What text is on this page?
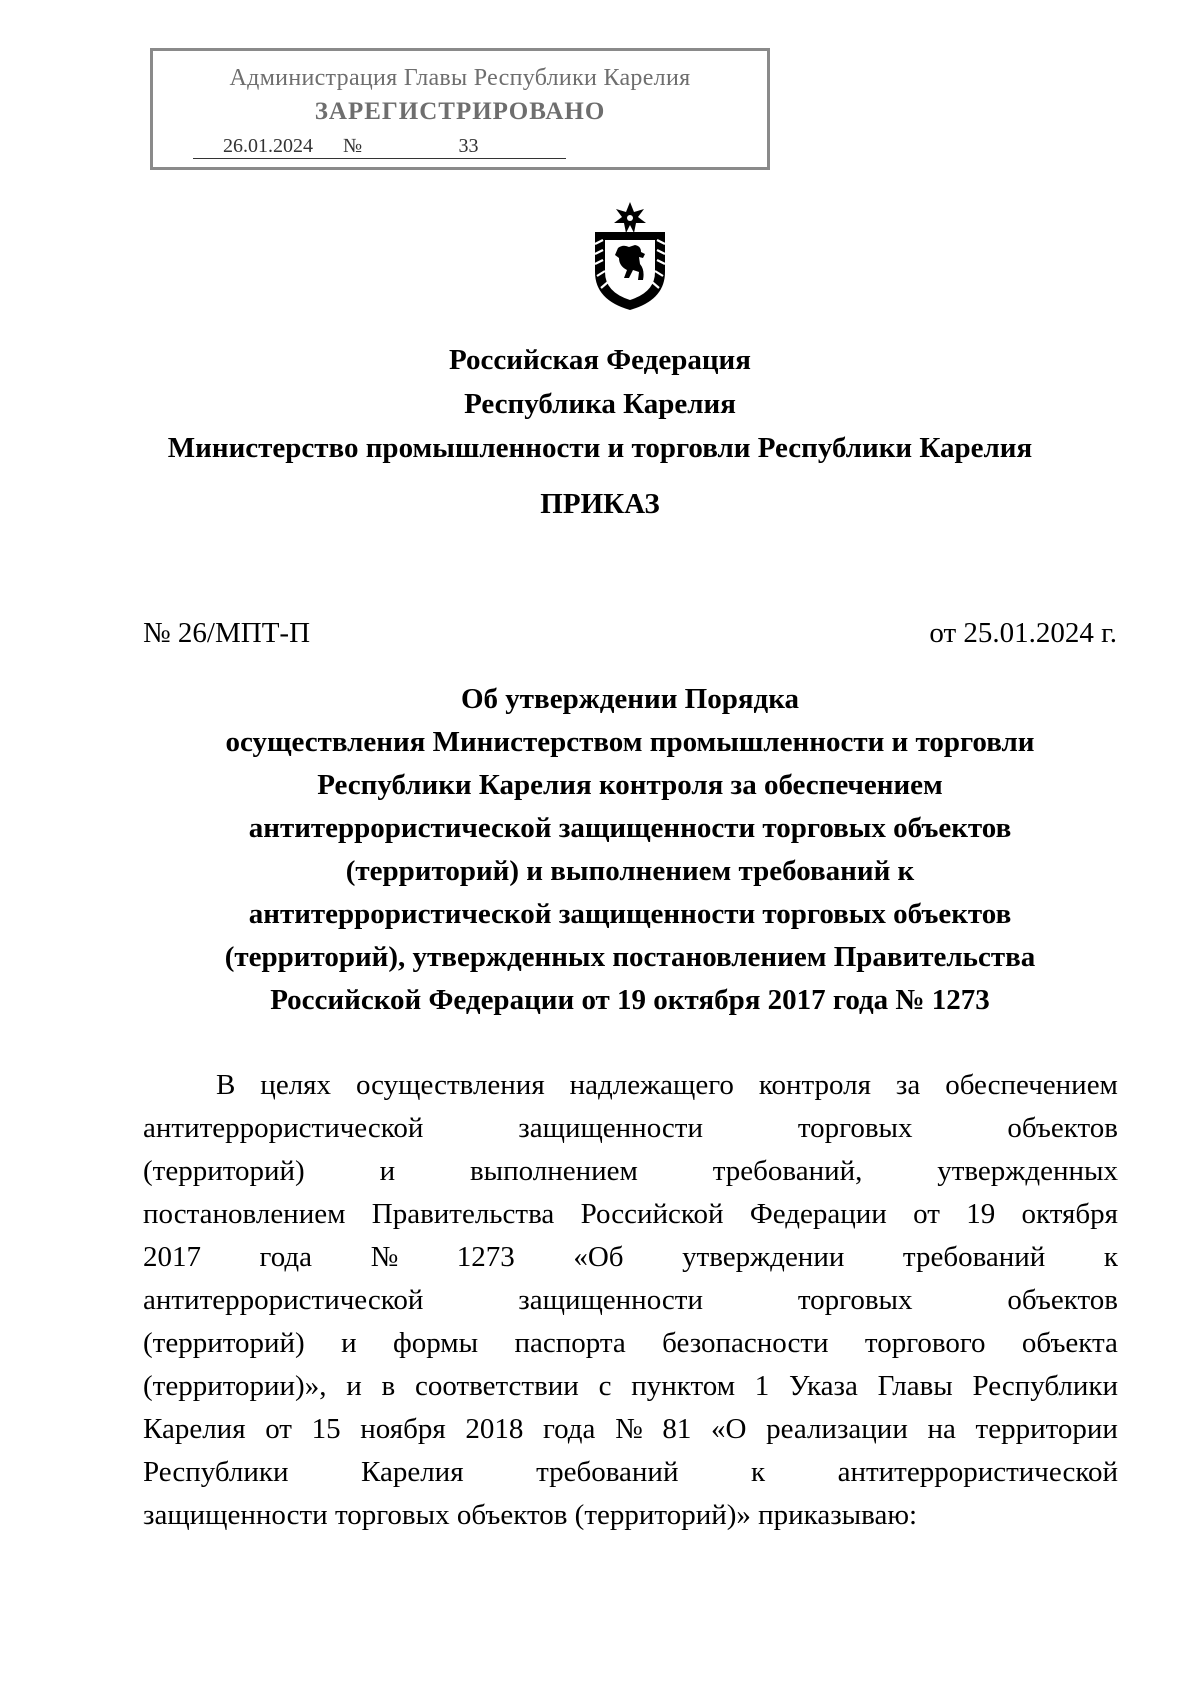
Администрация Главы Республики Карелия
ЗАРЕГИСТРИРОВАНО
26.01.2024 №	33
Российская Федерация
Республика Карелия
Министерство промышленности и торговли Республики Карелия
ПРИКАЗ
№ 26/МПТ-П	от 25.01.2024 г.
Об утверждении Порядка
осуществления Министерством промышленности и торговли
Республики Карелия контроля за обеспечением
антитеррористической защищенности торговых объектов
(территорий) и выполнением требований к
антитеррористической защищенности торговых объектов
(территорий), утвержденных постановлением Правительства
Российской Федерации от 19 октября 2017 года № 1273
В целях осуществления надлежащего контроля за обеспечением
антитеррористической	защищенности	торговых	объектов
(территорий)	и	выполнением	требований,	утвержденных
постановлением Правительства Российской Федерации от 19 октября
2017 года № 1273 «Об утверждении требований к
антитеррористической	защищенности	торговых	объектов
(территорий) и формы паспорта безопасности торгового объекта
(территории)», и в соответствии с пунктом 1 Указа Главы Республики
Карелия от 15 ноября 2018 года № 81 «О реализации на территории
Республики	Карелия	требований	к	антитеррористической
защищенности торговых объектов (территорий)» приказываю:
